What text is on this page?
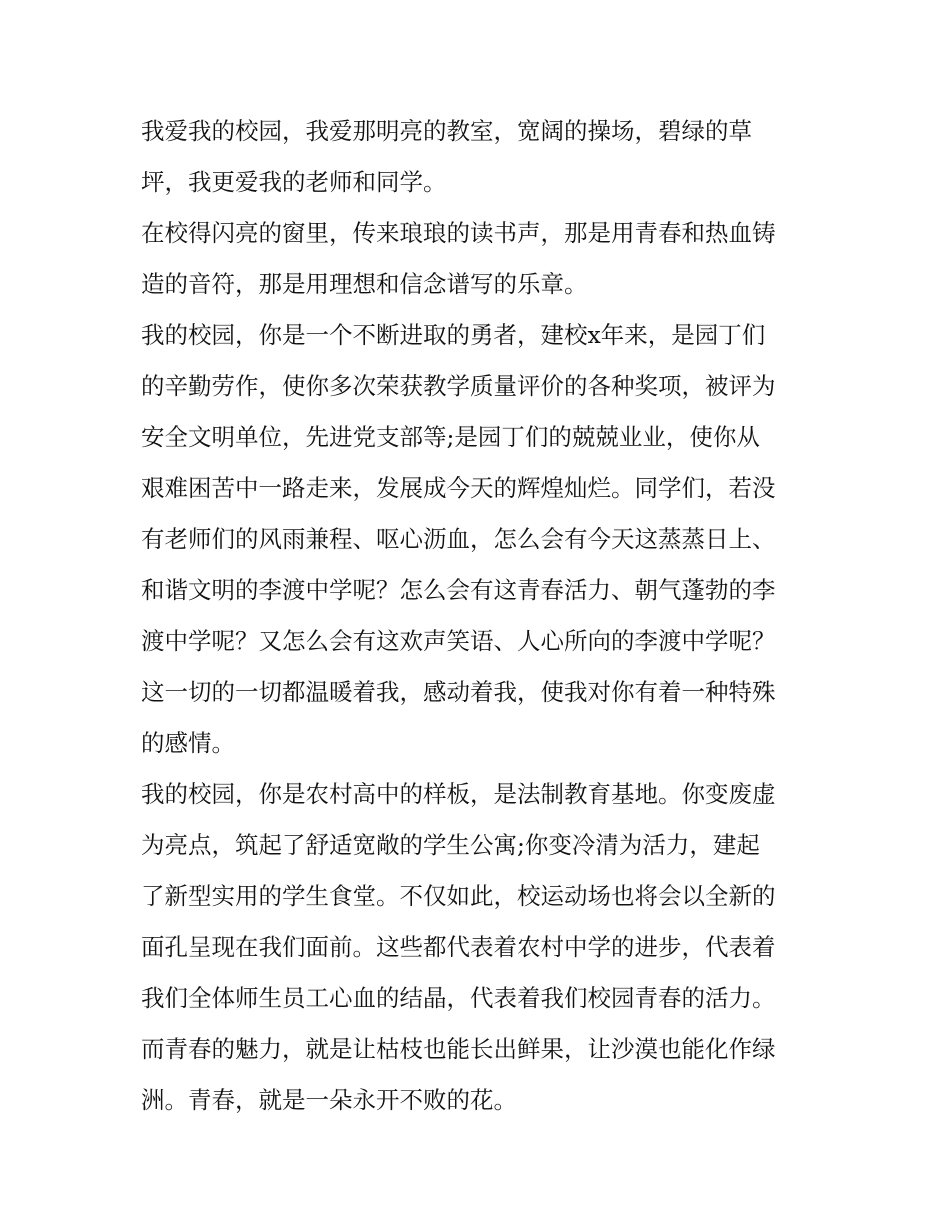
我爱我的校园，我爱那明亮的教室，宽阔的操场，碧绿的草
坪，我更爱我的老师和同学。
在校得闪亮的窗里，传来琅琅的读书声，那是用青春和热血铸
造的音符，那是用理想和信念谱写的乐章。
我的校园，你是一个不断进取的勇者，建校x年来，是园丁们
的辛勤劳作，使你多次荣获教学质量评价的各种奖项，被评为
安全文明单位，先进党支部等;是园丁们的兢兢业业，使你从
艰难困苦中一路走来，发展成今天的辉煌灿烂。同学们，若没
有老师们的风雨兼程、呕心沥血，怎么会有今天这蒸蒸日上、
和谐文明的李渡中学呢？怎么会有这青春活力、朝气蓬勃的李
渡中学呢？又怎么会有这欢声笑语、人心所向的李渡中学呢？
这一切的一切都温暖着我，感动着我，使我对你有着一种特殊
的感情。
我的校园，你是农村高中的样板，是法制教育基地。你变废虚
为亮点，筑起了舒适宽敞的学生公寓;你变冷清为活力，建起
了新型实用的学生食堂。不仅如此，校运动场也将会以全新的
面孔呈现在我们面前。这些都代表着农村中学的进步，代表着
我们全体师生员工心血的结晶，代表着我们校园青春的活力。
而青春的魅力，就是让枯枝也能长出鲜果，让沙漠也能化作绿
洲。青春，就是一朵永开不败的花。
